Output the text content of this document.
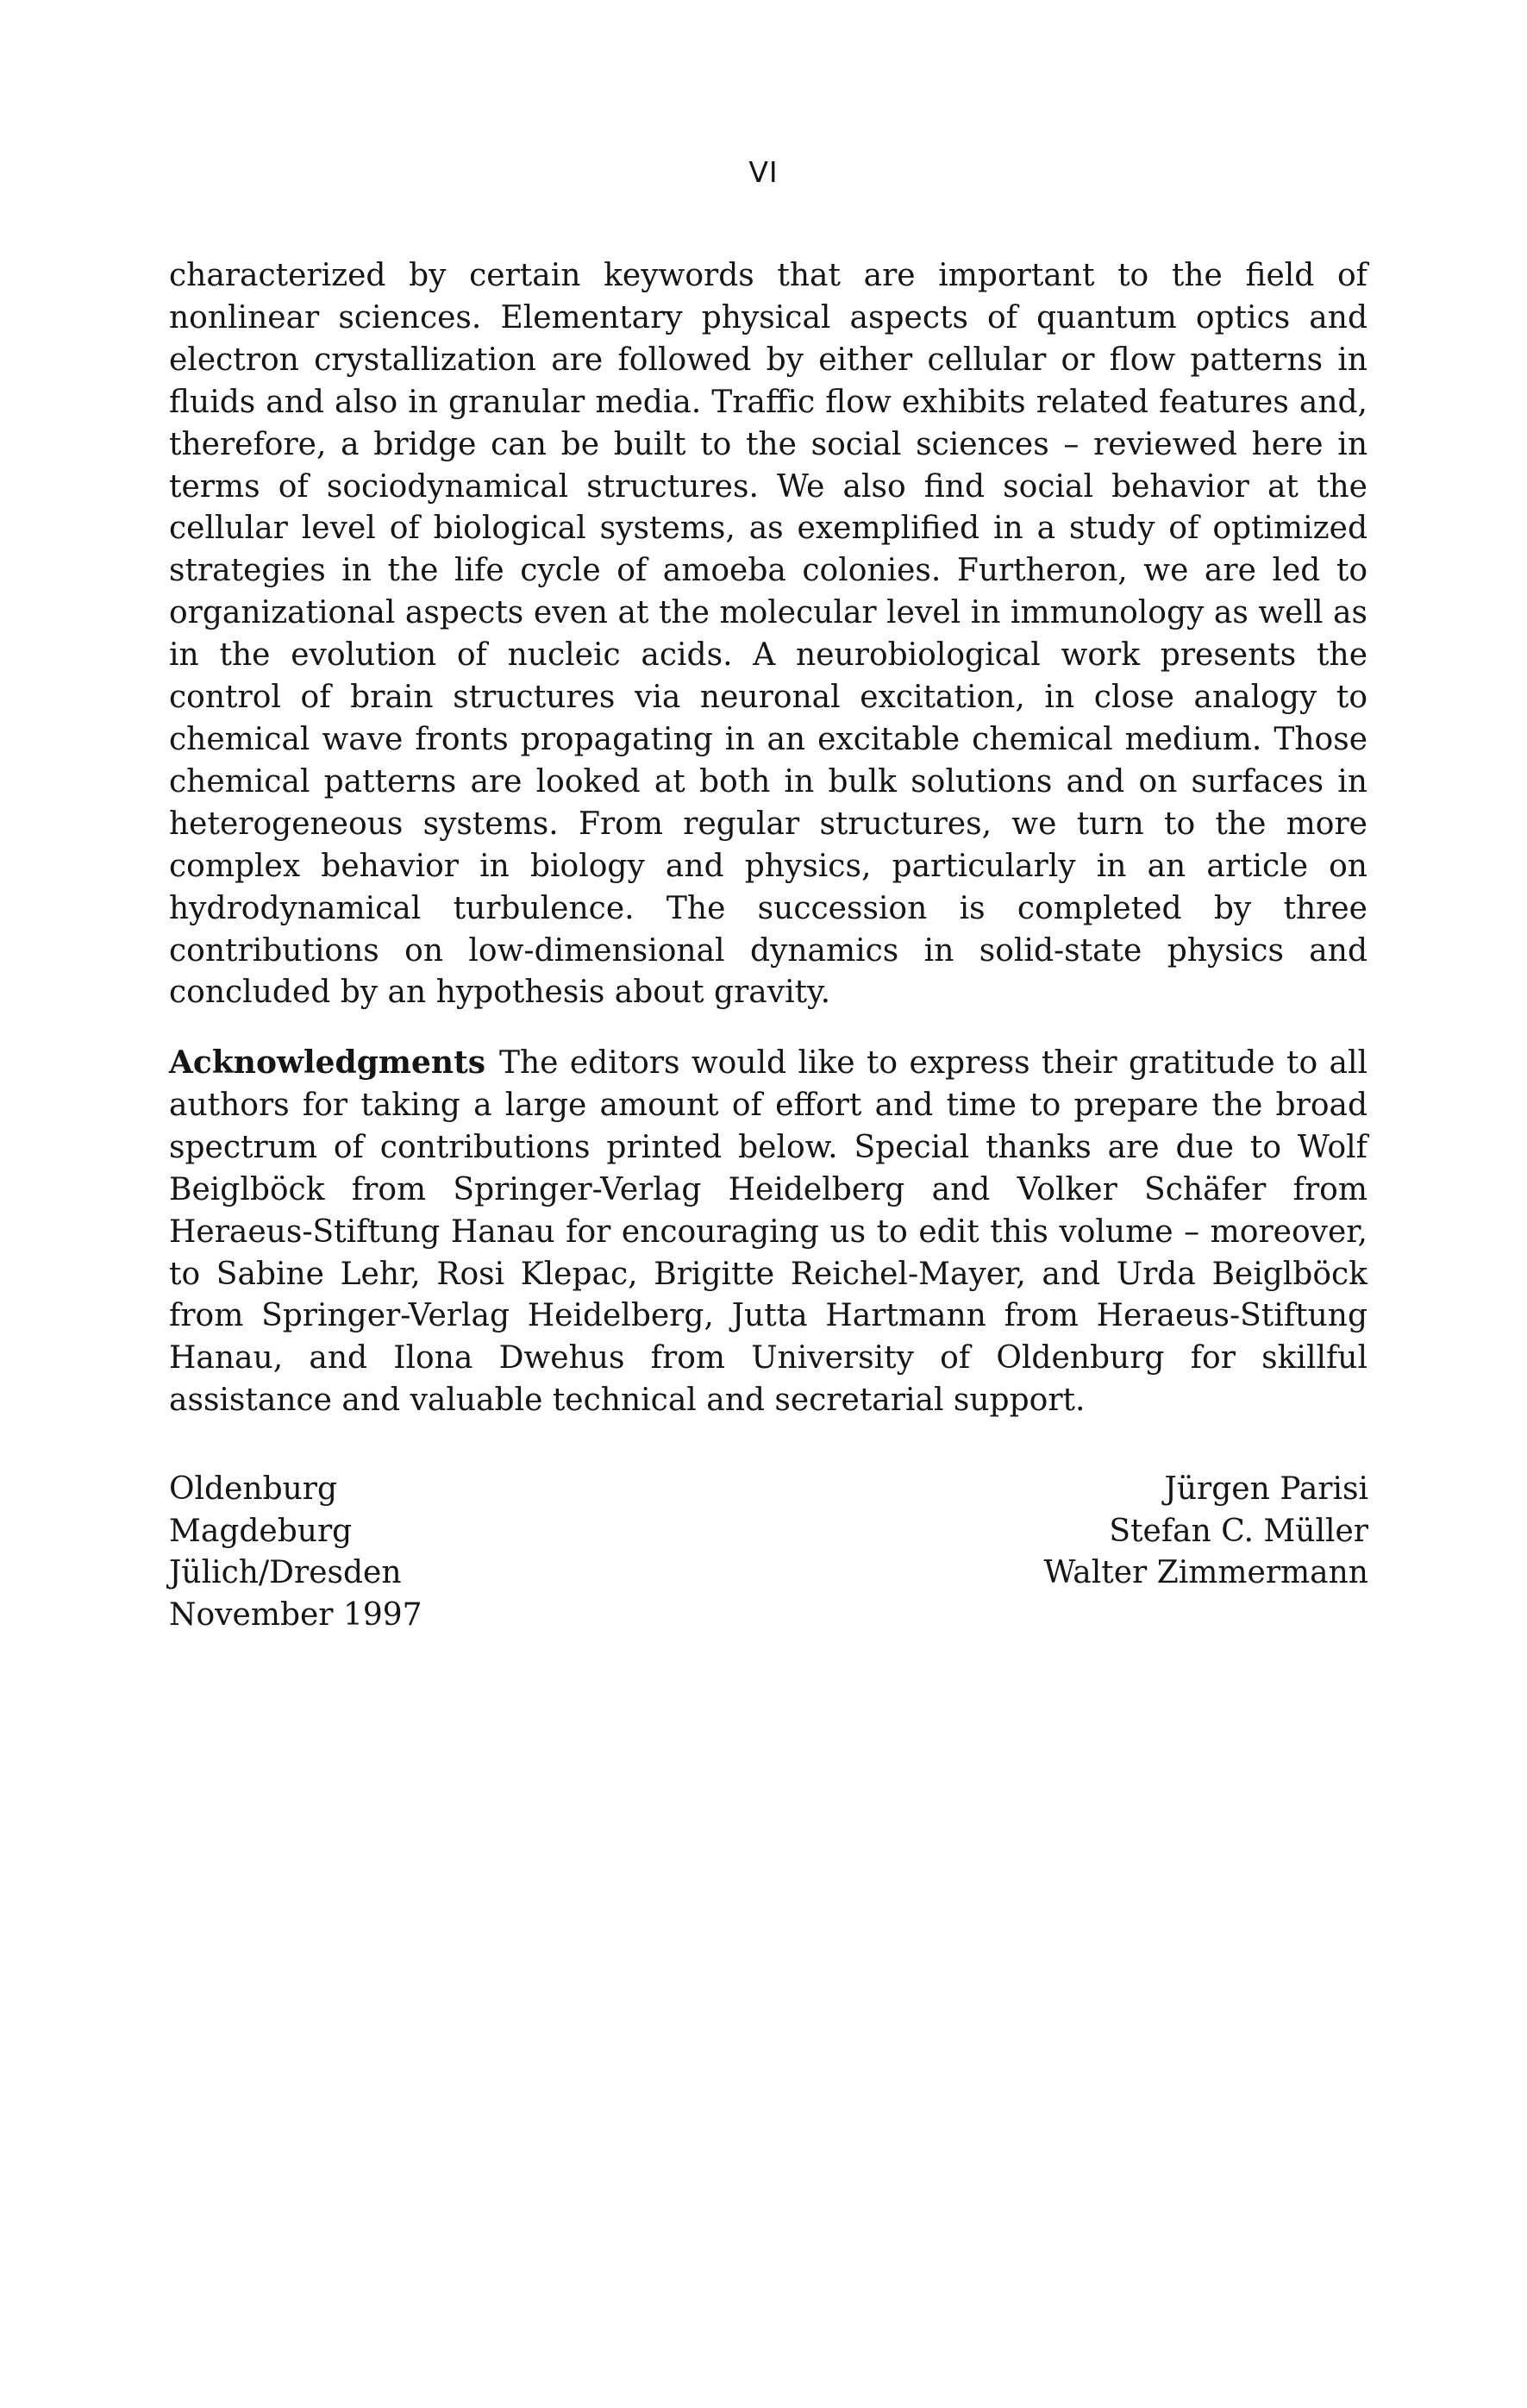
VI

characterized by certain keywords that are important to the field of nonlinear sciences. Elementary physical aspects of quantum optics and electron crystallization are followed by either cellular or flow patterns in fluids and also in granular media. Traffic flow exhibits related features and, therefore, a bridge can be built to the social sciences – reviewed here in terms of sociodynamical structures. We also find social behavior at the cellular level of biological systems, as exemplified in a study of optimized strategies in the life cycle of amoeba colonies. Furtheron, we are led to organizational aspects even at the molecular level in immunology as well as in the evolution of nucleic acids. A neurobiological work presents the control of brain structures via neuronal excitation, in close analogy to chemical wave fronts propagating in an excitable chemical medium. Those chemical patterns are looked at both in bulk solutions and on surfaces in heterogeneous systems. From regular structures, we turn to the more complex behavior in biology and physics, particularly in an article on hydrodynamical turbulence. The succession is completed by three contributions on low-dimensional dynamics in solid-state physics and concluded by an hypothesis about gravity.

Acknowledgments The editors would like to express their gratitude to all authors for taking a large amount of effort and time to prepare the broad spectrum of contributions printed below. Special thanks are due to Wolf Beiglböck from Springer-Verlag Heidelberg and Volker Schäfer from Heraeus-Stiftung Hanau for encouraging us to edit this volume – moreover, to Sabine Lehr, Rosi Klepac, Brigitte Reichel-Mayer, and Urda Beiglböck from Springer-Verlag Heidelberg, Jutta Hartmann from Heraeus-Stiftung Hanau, and Ilona Dwehus from University of Oldenburg for skillful assistance and valuable technical and secretarial support.

Oldenburg
Magdeburg
Jülich/Dresden
November 1997
Jürgen Parisi
Stefan C. Müller
Walter Zimmermann
